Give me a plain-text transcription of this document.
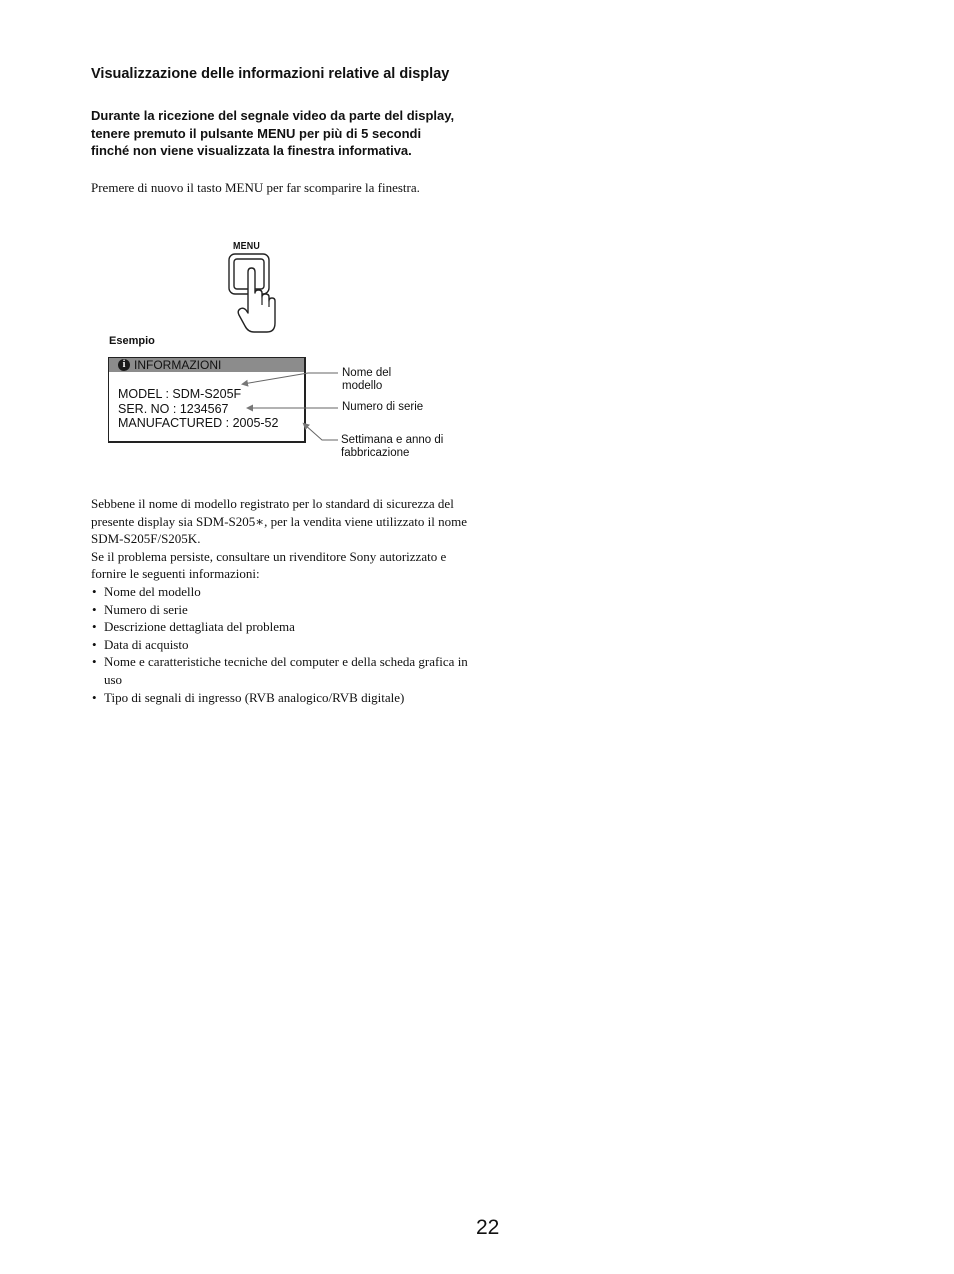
Visualizzazione delle informazioni relative al display
Durante la ricezione del segnale video da parte del display, tenere premuto il pulsante MENU per più di 5 secondi finché non viene visualizzata la finestra informativa.
Premere di nuovo il tasto MENU per far scomparire la finestra.
MENU
Esempio
i INFORMAZIONI
MODEL : SDM-S205F
SER. NO : 1234567
MANUFACTURED : 2005-52
Nome del modello
Numero di serie
Settimana e anno di fabbricazione

Sebbene il nome di modello registrato per lo standard di sicurezza del presente display sia SDM-S205∗, per la vendita viene utilizzato il nome SDM-S205F/S205K.

Se il problema persiste, consultare un rivenditore Sony autorizzato e fornire le seguenti informazioni:

• Nome del modello
• Numero di serie
• Descrizione dettagliata del problema
• Data di acquisto
• Nome e caratteristiche tecniche del computer e della scheda grafica in uso
• Tipo di segnali di ingresso (RVB analogico/RVB digitale)
22
